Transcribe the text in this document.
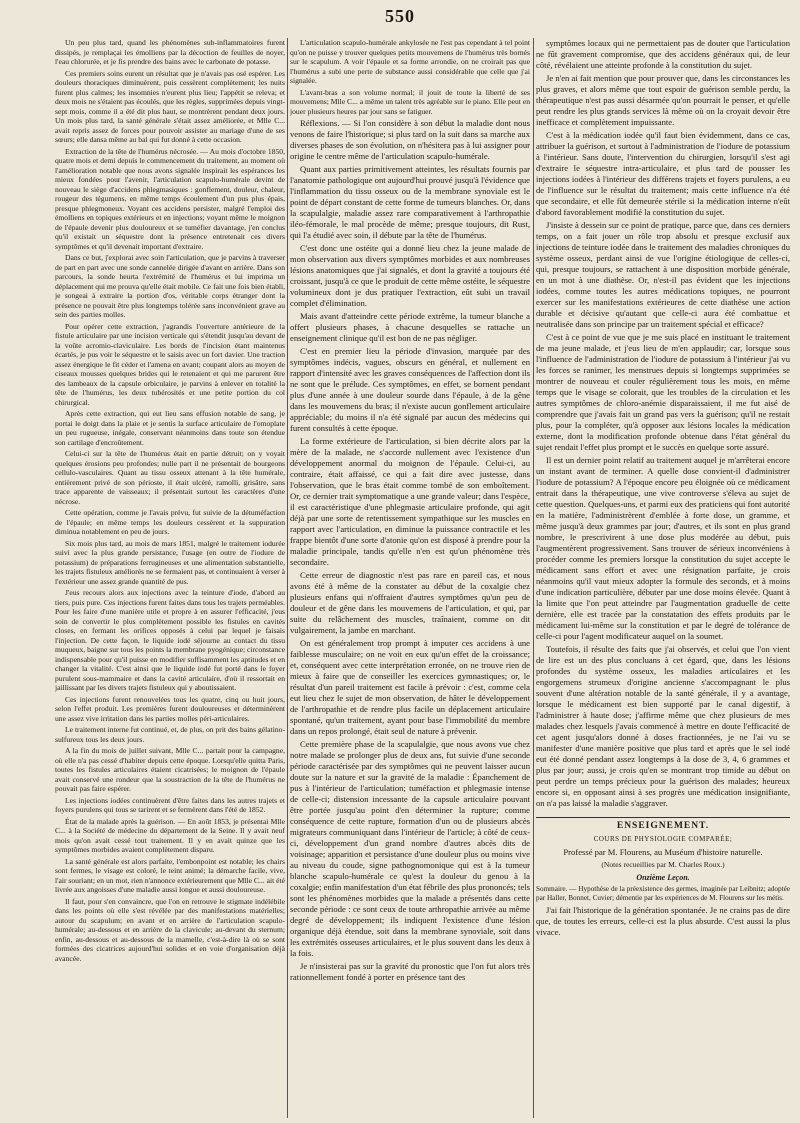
550

Un peu plus tard, quand les phénomènes sub-inflammatoires furent dissipés, je remplaçai les émolliens par la décoction de feuilles de noyer, l'eau chlorurée, et je fis prendre des bains avec le carbonate de potasse.

Ces premiers soins eurent un résultat que je n'avais pas osé espérer. Les douleurs thoraciques diminuèrent, puis cessèrent complètement; les nuits furent plus calmes; les insomnies n'eurent plus lieu; l'appétit se releva; et deux mois ne s'étaient pas écoulés, que les règles, supprimées depuis vingt-sept mois, comme il a été dit plus haut, se montrèrent pendant deux jours. Un mois plus tard, la santé générale s'était assez améliorée, et Mlle C... avait repris assez de forces pour pouvoir assister au mariage d'une de ses sœurs; elle dansa même au bal qui fut donné à cette occasion.

Extraction de la tête de l'humérus nécrosée. — Au mois d'octobre 1850, quatre mois et demi depuis le commencement du traitement, au moment où l'amélioration notable que nous avons signalée inspirait les espérances les mieux fondées pour l'avenir, l'articulation scapulo-humérale devint de nouveau le siège d'accidens phlegmasiques : gonflement, douleur, chaleur, rougeur des tégumens, en même temps écoulement d'un pus plus épais, presque phlegmoneux. Voyant ces accidens persister, malgré l'emploi des émolliens en topiques extérieurs et en injections; voyant même le moignon de l'épaule devenir plus douloureux et se tuméfier davantage, j'en conclus qu'il existait un séquestre dont la présence entretenait ces divers symptômes et qu'il devenait important d'extraire.

Dans ce but, j'explorai avec soin l'articulation, que je parvins à traverser de part en part avec une sonde cannelée dirigée d'avant en arrière. Dans son parcours, la sonde heurta l'extrémité de l'humérus et lui imprima un déplacement qui me prouva qu'elle était mobile. Ce fait une fois bien établi, je songeai à extraire la portion d'os, véritable corps étranger dont la présence ne pouvait être plus longtemps tolérée sans inconvénient grave au sein des parties molles.

Pour opérer cette extraction, j'agrandis l'ouverture antérieure de la fistule articulaire par une incision verticale qui s'étendit jusqu'au devant de la voûte acromio-claviculaire. Les bords de l'incision étant maintenus écartés, je pus voir le séquestre et le saisis avec un fort davier. Une traction assez énergique le fit céder et l'amena en avant; coupant alors au moyen de ciseaux mousses quelques brides qui le retenaient et qui me parurent être des lambeaux de la capsule orbiculaire, je parvins à enlever en totalité la tête de l'humérus, les deux tubérosités et une petite portion du col chirurgical.

Après cette extraction, qui eut lieu sans effusion notable de sang, je portai le doigt dans la plaie et je sentis la surface articulaire de l'omoplate un peu rugueuse, inégale, conservant néanmoins dans toute son étendue son cartilage d'encroûtement.

Celui-ci sur la tête de l'humérus était en partie détruit; on y voyait quelques érosions peu profondes; nulle part il ne présentait de bourgeons cellulo-vasculaires. Quant au tissu osseux attenant à la tête humérale, entièrement privé de son périoste, il était ulcéré, ramolli, grisâtre, sans trace apparente de vaisseaux; il présentait surtout les caractères d'une nécrose.

Cette opération, comme je l'avais prévu, fut suivie de la détuméfaction de l'épaule; en même temps les douleurs cessèrent et la suppuration diminua notablement en peu de jours.

Six mois plus tard, au mois de mars 1851, malgré le traitement iodurée suivi avec la plus grande persistance, l'usage (en outre de l'iodure de potassium) de préparations ferrugineuses et une alimentation substantielle, les trajets fistuleux améliorés ne se fermaient pas, et continuaient à verser à l'extérieur une assez grande quantité de pus.

J'eus recours alors aux injections avec la teinture d'iode, d'abord au tiers, puis pure. Ces injections furent faites dans tous les trajets perméables. Pour les faire d'une manière utile et propre à en assurer l'efficacité, j'eus soin de convertir le plus complètement possible les fistules en cavités closes, en fermant les orifices opposés à celui par lequel je faisais l'injection. De cette façon, le liquide iodé séjourne au contact du tissu muqueux, baigne sur tous les points la membrane pyogénique; circonstance indispensable pour qu'il puisse en modifier suffisamment les aptitudes et en changer la vitalité. C'est ainsi que le liquide iodé fut porté dans le foyer purulent sous-mammaire et dans la cavité articulaire, d'où il ressortait en jaillissant par les divers trajets fistuleux qui y aboutissaient.

Ces injections furent renouvelées tous les quatre, cinq ou huit jours, selon l'effet produit. Les premières furent douloureuses et déterminèrent une assez vive irritation dans les parties molles péri-articulaires.

Le traitement interne fut continué, et, de plus, on prit des bains gélatino-sulfureux tous les deux jours.

A la fin du mois de juillet suivant, Mlle C... partait pour la campagne, où elle n'a pas cessé d'habiter depuis cette époque. Lorsqu'elle quitta Paris, toutes les fistules articulaires étaient cicatrisées; le moignon de l'épaule avait conservé une rondeur que la soustraction de la tête de l'humérus ne pouvait pas faire espérer.

Les injections iodées continuèrent d'être faites dans les autres trajets et foyers purulens qui tous se tarirent et se fermèrent dans l'été de 1852.

État de la malade après la guérison. — En août 1853, je présentai Mlle C... à la Société de médecine du département de la Seine. Il y avait neuf mois qu'on avait cessé tout traitement. Il y en avait quinze que les symptômes morbides avaient complètement disparu.

La santé générale est alors parfaite, l'embonpoint est notable; les chairs sont fermes, le visage est coloré, le teint animé; la démarche facile, vive, l'air souriant; en un mot, rien n'annonce extérieurement que Mlle C... ait été livrée aux angoisses d'une maladie aussi longue et aussi douloureuse.

Il faut, pour s'en convaincre, que l'on en retrouve le stigmate indélébile dans les points où elle s'est révélée par des manifestations matérielles; autour du scapulum; en avant et en arrière de l'articulation scapulo-humérale; au-dessous et en arrière de la clavicule; au-devant du sternum; enfin, au-dessous et au-dessous de la mamelle, c'est-à-dire là où se sont formées des cicatrices aujourd'hui solides et en voie d'organisation déjà avancée.

L'articulation scapulo-humérale ankylosée ne l'est pas cependant à tel point qu'on ne puisse y trouver quelques petits mouvemens de l'humérus très bornés sur le scapulum. A voir l'épaule et sa forme arrondie, on ne croirait pas que l'humérus a subi une perte de substance aussi considérable que celle que j'ai signalée.

L'avant-bras a son volume normal; il jouit de toute la liberté de ses mouvemens; Mlle C... a même un talent très agréable sur le piano. Elle peut en jouer plusieurs heures par jour sans se fatiguer.

Réflexions. — Si l'on considère à son début la maladie dont nous venons de faire l'historique; si plus tard on la suit dans sa marche aux diverses phases de son évolution, on n'hésitera pas à lui assigner pour origine le centre même de l'articulation scapulo-humérale.

Quant aux parties primitivement atteintes, les résultats fournis par l'anatomie pathologique ont aujourd'hui prouvé jusqu'à l'évidence que l'inflammation du tissu osseux ou de la membrane synoviale est le point de départ constant de cette forme de tumeurs blanches. Or, dans la scapulalgie, maladie assez rare comparativement à l'arthropathie iléo-fémorale, le mal procède de même; presque toujours, dit Rust, qui l'a étudié avec soin, il débute par la tête de l'humérus.

C'est donc une ostéite qui a donné lieu chez la jeune malade de mon observation aux divers symptômes morbides et aux nombreuses lésions anatomiques que j'ai signalés, et dont la gravité a toujours été croissant, jusqu'à ce que le produit de cette même ostéite, le séquestre volumineux dont je dus pratiquer l'extraction, eût subi un travail complet d'élimination.

Mais avant d'atteindre cette période extrême, la tumeur blanche a offert plusieurs phases, à chacune desquelles se rattache un enseignement clinique qu'il est bon de ne pas négliger.

C'est en premier lieu la période d'invasion, marquée par des symptômes indécis, vagues, obscurs en général, et nullement en rapport d'intensité avec les graves conséquences de l'affection dont ils ne sont que le prélude. Ces symptômes, en effet, se bornent pendant plus d'une année à une douleur sourde dans l'épaule, à de la gêne dans les mouvemens du bras; il n'existe aucun gonflement articulaire appréciable; du moins il n'a été signalé par aucun des médecins qui furent consultés à cette époque.

La forme extérieure de l'articulation, si bien décrite alors par la mère de la malade, ne s'accorde nullement avec l'existence d'un développement anormal du moignon de l'épaule. Celui-ci, au contraire, était affaissé, ce qui a fait dire avec justesse, dans l'observation, que le bras était comme tombé de son emboîtement. Or, ce dernier trait symptomatique a une grande valeur; dans l'espèce, il est caractéristique d'une phlegmasie articulaire profonde, qui agit déjà par une sorte de retentissement sympathique sur les muscles en rapport avec l'articulation, en diminue la puissance contractile et les frappe bientôt d'une sorte d'atonie qu'on est disposé à prendre pour la maladie principale, tandis qu'elle n'en est qu'un phénomène très secondaire.

Cette erreur de diagnostic n'est pas rare en pareil cas, et nous avons été à même de la constater au début de la coxalgie chez plusieurs enfans qui n'offraient d'autres symptômes qu'un peu de douleur et de gêne dans les mouvemens de l'articulation, et qui, par suite du relâchement des muscles, traînaient, comme on dit vulgairement, la jambe en marchant.

On est généralement trop prompt à imputer ces accidens à une faiblesse musculaire; on ne voit en eux qu'un effet de la croissance; et, conséquent avec cette interprétation erronée, on ne trouve rien de mieux à faire que de conseiller les exercices gymnastiques; or, le résultat d'un pareil traitement est facile à prévoir : c'est, comme cela eut lieu chez le sujet de mon observation, de hâter le développement de l'arthropathie et de rendre plus facile un déplacement articulaire spontané, qu'un traitement, ayant pour base l'immobilité du membre dans un repos prolongé, était seul de nature à prévenir.

Cette première phase de la scapulalgie, que nous avons vue chez notre malade se prolonger plus de deux ans, fut suivie d'une seconde période caractérisée par des symptômes qui ne peuvent laisser aucun doute sur la nature et sur la gravité de la maladie : Épanchement de pus à l'intérieur de l'articulation; tuméfaction et phlegmasie intense de celle-ci; distension incessante de la capsule articulaire pouvant être portée jusqu'au point d'en déterminer la rupture; comme conséquence de cette rupture, formation d'un ou de plusieurs abcès migrateurs communiquant dans l'intérieur de l'article; à côté de ceux-ci, développement d'un grand nombre d'autres abcès dits de voisinage; apparition et persistance d'une douleur plus ou moins vive au niveau du coude, signe pathognomonique qui est à la tumeur blanche scapulo-humérale ce qu'est la douleur du genou à la coxalgie; enfin manifestation d'un état fébrile des plus prononcés; tels sont les phénomènes morbides que la malade a présentés dans cette seconde période : ce sont ceux de toute arthropathie arrivée au même degré de développement; ils indiquent l'existence d'une lésion organique déjà étendue, soit dans la membrane synoviale, soit dans les extrémités osseuses articulaires, et le plus souvent dans les deux à la fois.

Je n'insisterai pas sur la gravité du pronostic que l'on fut alors très rationnellement fondé à porter en présence tant des

symptômes locaux qui ne permettaient pas de douter que l'articulation ne fût gravement compromise, que des accidens généraux qui, de leur côté, révélaient une atteinte profonde à la constitution du sujet.

Je n'en ai fait mention que pour prouver que, dans les circonstances les plus graves, et alors même que tout espoir de guérison semble perdu, la thérapeutique n'est pas aussi désarmée qu'on pourrait le penser, et qu'elle peut rendre les plus grands services là même où on la croyait devoir être inefficace et complètement impuissante.

C'est à la médication iodée qu'il faut bien évidemment, dans ce cas, attribuer la guérison, et surtout à l'administration de l'iodure de potassium à l'intérieur. Sans doute, l'intervention du chirurgien, lorsqu'il s'est agi d'extraire le séquestre intra-articulaire, et plus tard de pousser les injections iodées à l'intérieur des différens trajets et foyers purulens, a eu de l'influence sur le résultat du traitement; mais cette influence n'a été que secondaire, et elle fût demeurée stérile si la médication interne n'eût d'abord favorablement modifié la constitution du sujet.

J'insiste à dessein sur ce point de pratique, parce que, dans ces derniers temps, on a fait jouer un rôle trop absolu et presque exclusif aux injections de teinture iodée dans le traitement des maladies chroniques du système osseux, perdant ainsi de vue l'origine étiologique de celles-ci, qui, presque toujours, se rattachent à une disposition morbide générale, en un mot à une diathèse. Or, n'est-il pas évident que les injections iodées, comme toutes les autres médications topiques, ne pourront exercer sur les manifestations extérieures de cette diathèse une action durable et décisive qu'autant que celle-ci aura été combattue et neutralisée dans son principe par un traitement spécial et efficace?

C'est à ce point de vue que je me suis placé en instituant le traitement de ma jeune malade, et j'eus lieu de m'en applaudir; car, lorsque sous l'influence de l'administration de l'iodure de potassium à l'intérieur j'ai vu les forces se ranimer, les menstrues depuis si longtemps supprimées se montrer de nouveau et couler régulièrement tous les mois, en même temps que le visage se colorait, que les troubles de la circulation et les autres symptômes de chloro-anémie disparaissaient, il me fut aisé de comprendre que j'avais fait un grand pas vers la guérison; qu'il ne restait plus, pour la compléter, qu'à opposer aux lésions locales la médication externe, dont la modification profonde obtenue dans l'état général du sujet rendait l'effet plus prompt et le succès en quelque sorte assuré.

Il est un dernier point relatif au traitement auquel je m'arrêterai encore un instant avant de terminer. A quelle dose convient-il d'administrer l'iodure de potassium? A l'époque encore peu éloignée où ce médicament entrait dans la thérapeutique, une vive controverse s'éleva au sujet de cette question. Quelques-uns, et parmi eux des praticiens qui font autorité en la matière, l'administrèrent d'emblée à forte dose, un gramme, et même jusqu'à deux grammes par jour; d'autres, et ils sont en plus grand nombre, le prescrivirent à une dose plus modérée au début, puis l'augmentèrent progressivement. Sans trouver de sérieux inconvéniens à procéder comme les premiers lorsque la constitution du sujet accepte le médicament sans effort et avec une résignation parfaite, je crois néanmoins qu'il vaut mieux adopter la formule des seconds, et à moins d'une indication particulière, débuter par une dose moins élevée. Quant à la limite que l'on peut atteindre par l'augmentation graduelle de cette dernière, elle est tracée par la constatation des effets produits par le médicament lui-même sur la constitution et par le degré de tolérance de celle-ci pour l'agent modificateur auquel on la soumet.

Toutefois, il résulte des faits que j'ai observés, et celui que l'on vient de lire est un des plus concluans à cet égard, que, dans les lésions profondes du système osseux, les maladies articulaires et les engorgemens strumeux d'origine ancienne s'accompagnant le plus souvent d'une altération notable de la santé générale, il y a avantage, lorsque le médicament est bien supporté par le canal digestif, à l'administrer à haute dose; j'affirme même que chez plusieurs de mes malades chez lesquels j'avais commencé à mettre en doute l'efficacité de cet agent jusqu'alors donné à doses fractionnées, je ne l'ai vu se manifester d'une manière positive que plus tard et après que le sel iodé eut été donné pendant assez longtemps à la dose de 3, 4, 6 grammes et plus par jour; aussi, je crois qu'en se montrant trop timide au début on peut perdre un temps précieux pour la guérison des malades; heureux encore si, en opposant ainsi à ses progrès une médication insignifiante, on n'a pas laissé la maladie s'aggraver.

ENSEIGNEMENT.
COURS DE PHYSIOLOGIE COMPARÉE;
Professé par M. Flourens, au Muséum d'histoire naturelle.
(Notes recueillies par M. Charles Roux.)
Onzième Leçon.
Sommaire. — Hypothèse de la préexistence des germes, imaginée par Leibnitz; adoptée par Haller, Bonnet, Cuvier; démentie par les expériences de M. Flourens sur les métis.

J'ai fait l'historique de la génération spontanée. Je ne crains pas de dire que, de toutes les erreurs, celle-ci est la plus absurde. C'est aussi la plus vivace.
